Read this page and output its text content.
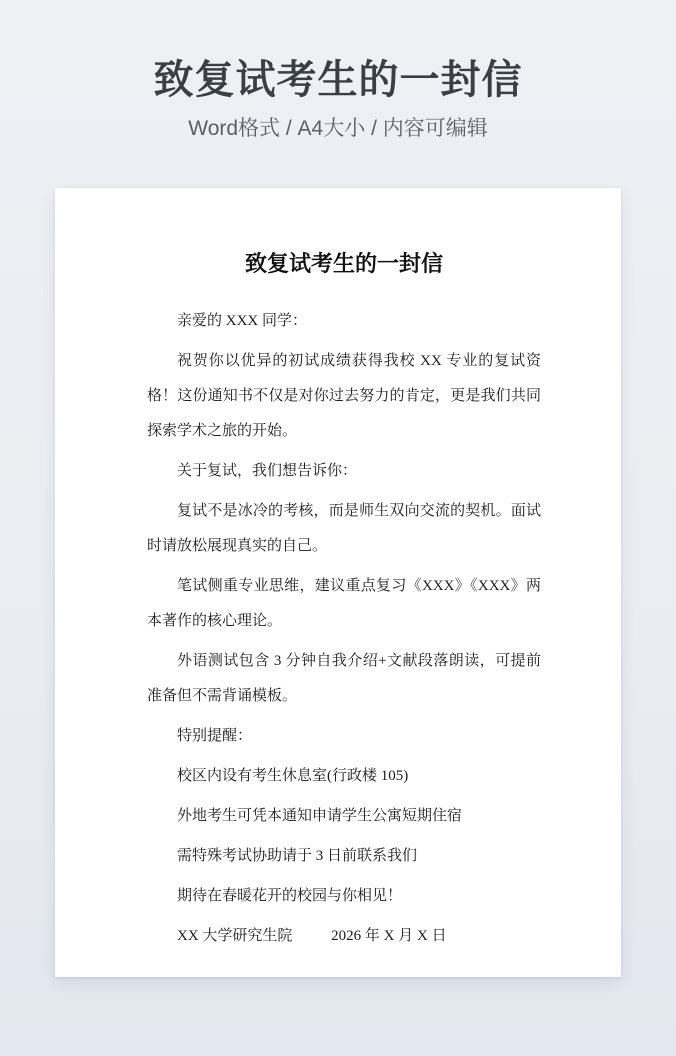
致复试考生的一封信

Word格式 / A4大小 / 内容可编辑

致复试考生的一封信

亲爱的 XXX 同学：

祝贺你以优异的初试成绩获得我校 XX 专业的复试资格！这份通知书不仅是对你过去努力的肯定，更是我们共同探索学术之旅的开始。

关于复试，我们想告诉你：

复试不是冰冷的考核，而是师生双向交流的契机。面试时请放松展现真实的自己。

笔试侧重专业思维，建议重点复习《XXX》《XXX》两本著作的核心理论。

外语测试包含 3 分钟自我介绍+文献段落朗读，可提前准备但不需背诵模板。

特别提醒：

校区内设有考生休息室(行政楼 105)

外地考生可凭本通知申请学生公寓短期住宿

需特殊考试协助请于 3 日前联系我们

期待在春暖花开的校园与你相见！

XX 大学研究生院	2026 年 X 月 X 日
